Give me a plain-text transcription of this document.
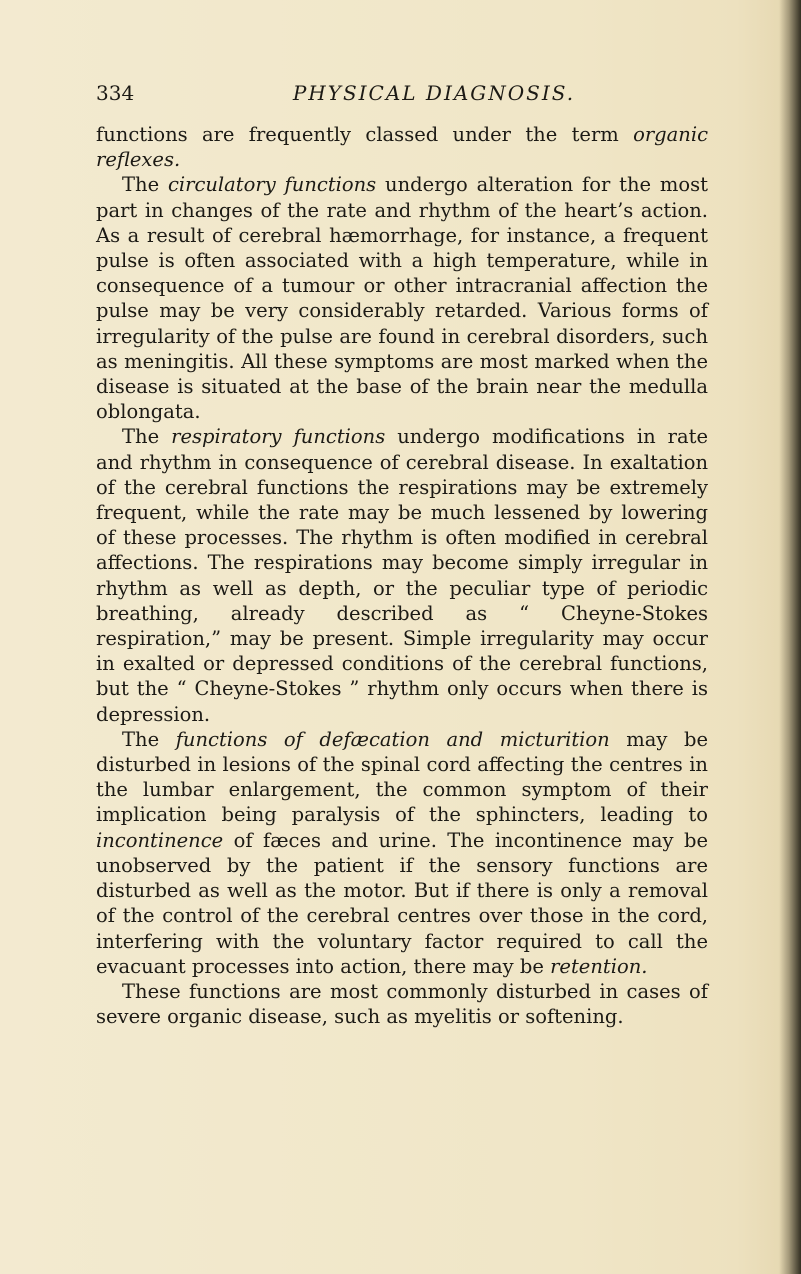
334	PHYSICAL DIAGNOSIS.

functions are frequently classed under the term organic reflexes.

The circulatory functions undergo alteration for the most part in changes of the rate and rhythm of the heart’s action. As a result of cerebral hæmorrhage, for instance, a frequent pulse is often associated with a high temperature, while in consequence of a tumour or other intracranial affection the pulse may be very considerably retarded. Various forms of irregularity of the pulse are found in cerebral disorders, such as meningitis. All these symptoms are most marked when the disease is situated at the base of the brain near the medulla oblongata.

The respiratory functions undergo modifications in rate and rhythm in consequence of cerebral disease. In exaltation of the cerebral functions the respirations may be extremely frequent, while the rate may be much lessened by lowering of these processes. The rhythm is often modified in cerebral affections. The respirations may become simply irregular in rhythm as well as depth, or the peculiar type of periodic breathing, already described as “ Cheyne-Stokes respiration,” may be present. Simple irregularity may occur in exalted or depressed conditions of the cerebral functions, but the “ Cheyne-Stokes ” rhythm only occurs when there is depression.

The functions of defæcation and micturition may be disturbed in lesions of the spinal cord affecting the centres in the lumbar enlargement, the common symptom of their implication being paralysis of the sphincters, leading to incontinence of fæces and urine. The incontinence may be unobserved by the patient if the sensory functions are disturbed as well as the motor. But if there is only a removal of the control of the cerebral centres over those in the cord, interfering with the voluntary factor required to call the evacuant processes into action, there may be retention.

These functions are most commonly disturbed in cases of severe organic disease, such as myelitis or softening.
